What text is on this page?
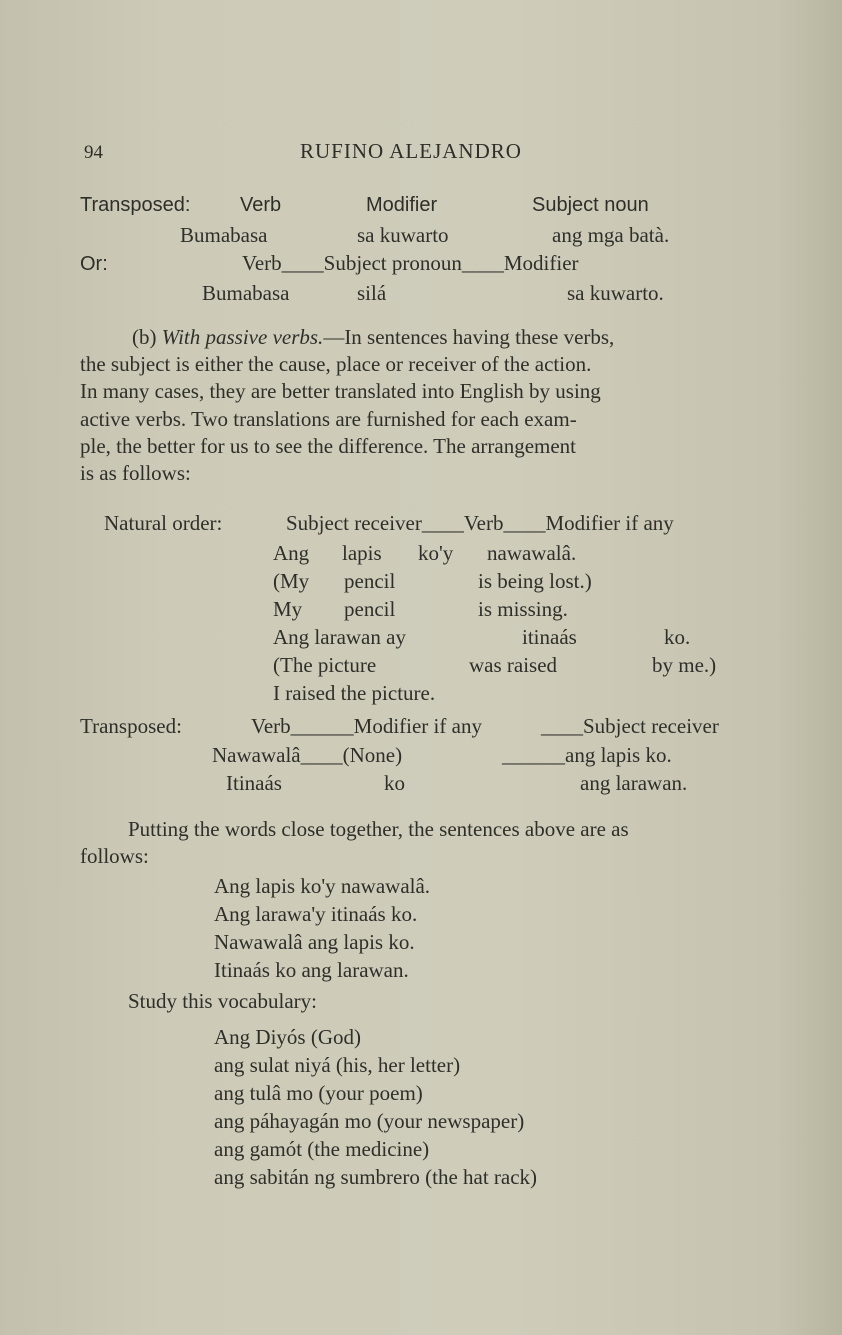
94	RUFINO ALEJANDRO
Transposed: Verb	Modifier	Subject noun
Bumabasa	sa kuwarto	ang mga batà.
Or:	Verb____Subject pronoun____Modifier
Bumabasa	silá	sa kuwarto.
(b) With passive verbs.—In sentences having these verbs,
the subject is either the cause, place or receiver of the action.
In many cases, they are better translated into English by using
active verbs. Two translations are furnished for each exam-
ple, the better for us to see the difference. The arrangement
is as follows:
Natural order:	Subject receiver____Verb____Modifier if any
Ang lapis ko'y nawawalâ.
(My pencil	is being lost.)
My pencil	is missing.
Ang larawan ay	itinaás	ko.
(The picture	was raised	by me.)
I raised the picture.
Transposed:	Verb______Modifier if any	____Subject receiver
Nawawalâ____(None)	______ang lapis ko.
Itinaás	ko	ang larawan.
Putting the words close together, the sentences above are as
follows:
Ang lapis ko'y nawawalâ.
Ang larawa'y itinaás ko.
Nawawalâ ang lapis ko.
Itinaás ko ang larawan.
Study this vocabulary:
Ang Diyós (God)
ang sulat niyá (his, her letter)
ang tulâ mo (your poem)
ang páhayagán mo (your newspaper)
ang gamót (the medicine)
ang sabitán ng sumbrero (the hat rack)
